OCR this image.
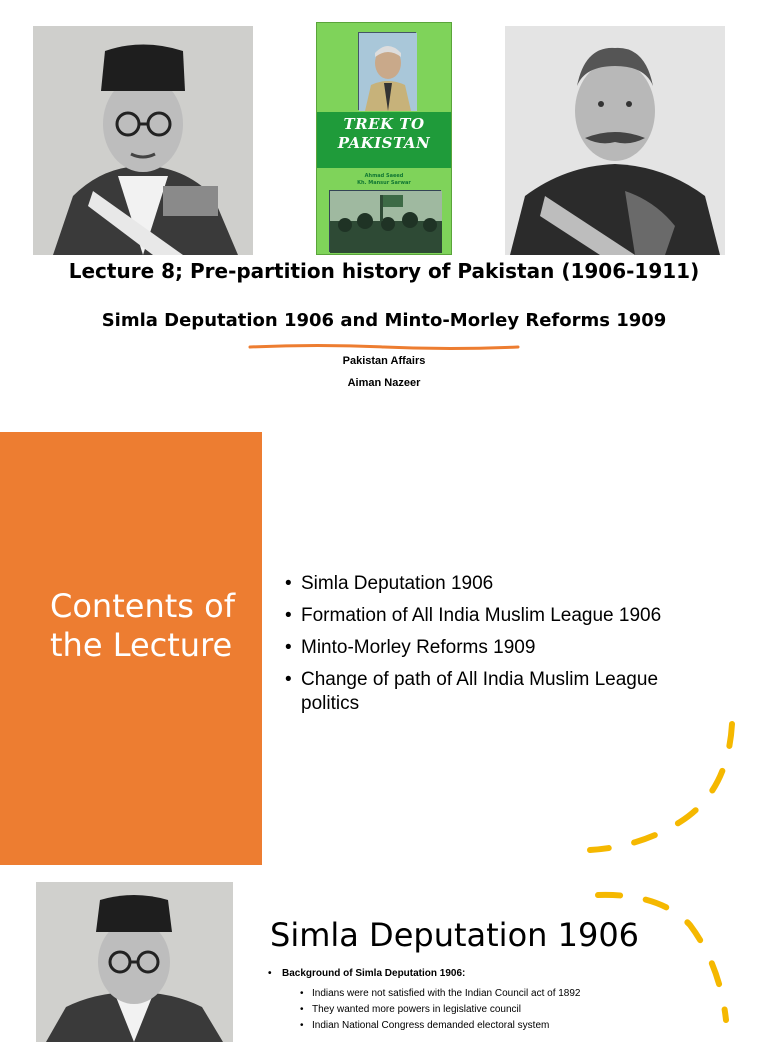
TREK TO
PAKISTAN
Ahmad Saeed
Kh. Mansur Sarwar
Lecture 8; Pre-partition history of Pakistan (1906-1911)
Simla Deputation 1906 and Minto-Morley Reforms 1909
Pakistan Affairs
Aiman Nazeer
Contents of the Lecture
• Simla Deputation 1906
• Formation of All India Muslim League 1906
• Minto-Morley Reforms 1909
• Change of path of All India Muslim League politics
Simla Deputation 1906
• Background of Simla Deputation 1906:
• Indians were not satisfied with the Indian Council act of 1892
• They wanted more powers in legislative council
• Indian National Congress demanded electoral system
